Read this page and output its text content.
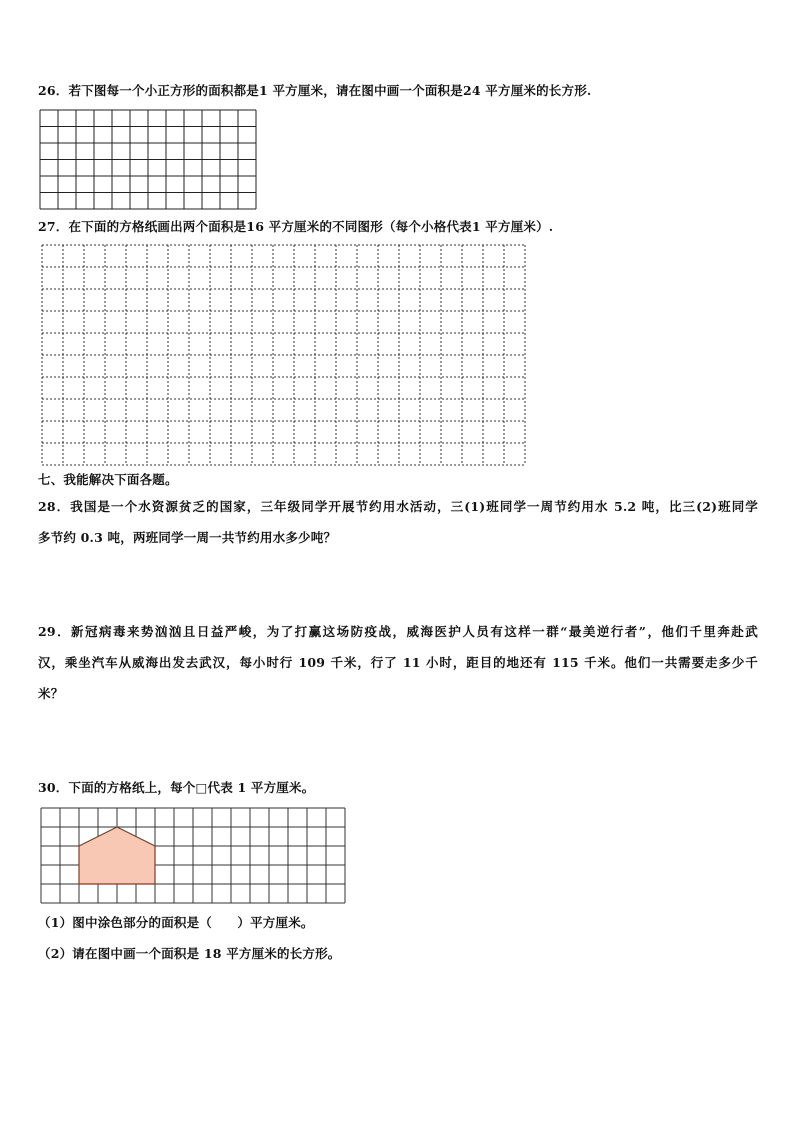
26．若下图每一个小正方形的面积都是1 平方厘米，请在图中画一个面积是24 平方厘米的长方形.
27．在下面的方格纸画出两个面积是16 平方厘米的不同图形（每个小格代表1 平方厘米）.
七、我能解决下面各题。
28．我国是一个水资源贫乏的国家，三年级同学开展节约用水活动，三(1)班同学一周节约用水 5.2 吨，比三(2)班同学
多节约 0.3 吨，两班同学一周一共节约用水多少吨？
29．新冠病毒来势汹汹且日益严峻，为了打赢这场防疫战，威海医护人员有这样一群“最美逆行者”，他们千里奔赴武
汉，乘坐汽车从威海出发去武汉，每小时行 109 千米，行了 11 小时，距目的地还有 115 千米。他们一共需要走多少千
米？
30．下面的方格纸上，每个□代表 1 平方厘米。
（1）图中涂色部分的面积是（　　）平方厘米。
（2）请在图中画一个面积是 18 平方厘米的长方形。
